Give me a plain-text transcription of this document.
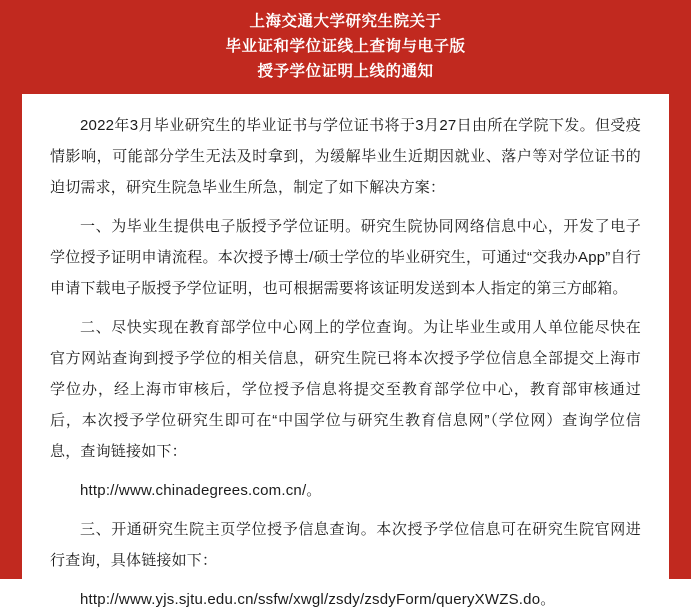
上海交通大学研究生院关于
毕业证和学位证线上查询与电子版
授予学位证明上线的通知

2022年3月毕业研究生的毕业证书与学位证书将于3月27日由所在学院下发。但受疫情影响，可能部分学生无法及时拿到，为缓解毕业生近期因就业、落户等对学位证书的迫切需求，研究生院急毕业生所急，制定了如下解决方案：

一、为毕业生提供电子版授予学位证明。研究生院协同网络信息中心，开发了电子学位授予证明申请流程。本次授予博士/硕士学位的毕业研究生，可通过“交我办App”自行申请下载电子版授予学位证明，也可根据需要将该证明发送到本人指定的第三方邮箱。

二、尽快实现在教育部学位中心网上的学位查询。为让毕业生或用人单位能尽快在官方网站查询到授予学位的相关信息，研究生院已将本次授予学位信息全部提交上海市学位办，经上海市审核后，学位授予信息将提交至教育部学位中心，教育部审核通过后，本次授予学位研究生即可在“中国学位与研究生教育信息网”（学位网）查询学位信息，查询链接如下：

http://www.chinadegrees.com.cn/。

三、开通研究生院主页学位授予信息查询。本次授予学位信息可在研究生院官网进行查询，具体链接如下：

http://www.yjs.sjtu.edu.cn/ssfw/xwgl/zsdy/zsdyForm/queryXWZS.do。
